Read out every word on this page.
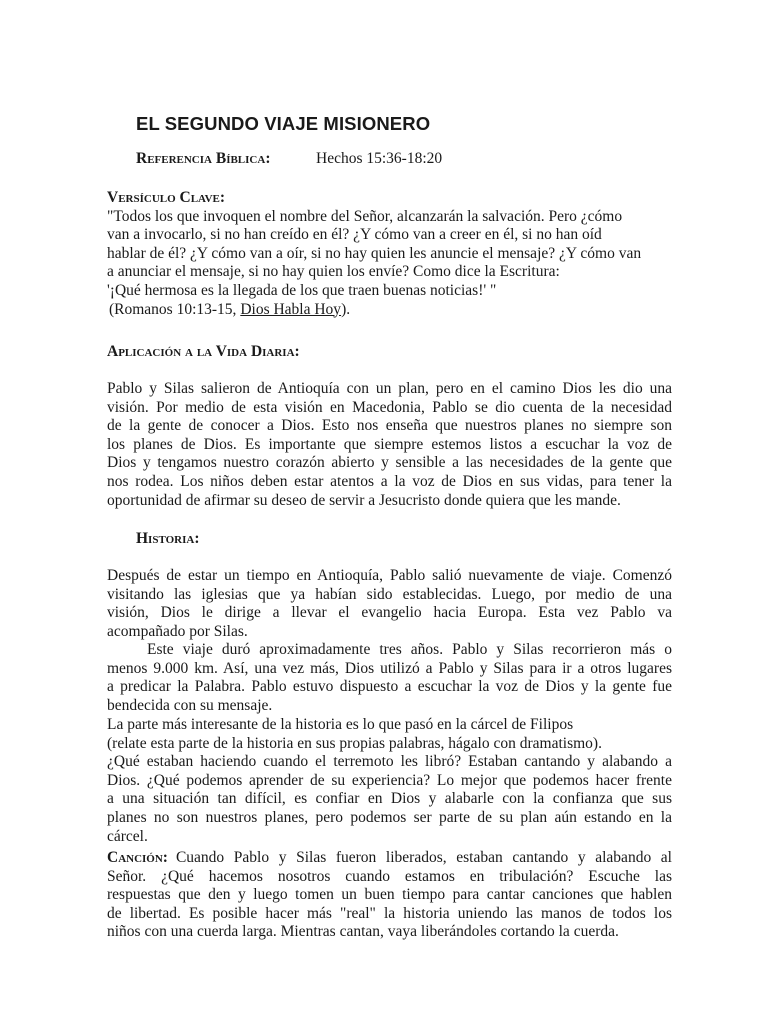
EL SEGUNDO VIAJE MISIONERO
Referencia Bíblica:	Hechos 15:36-18:20
Versículo Clave:
"Todos los que invoquen el nombre del Señor, alcanzarán la salvación. Pero ¿cómo
van a invocarlo, si no han creído en él? ¿Y cómo van a creer en él, si no han oíd
hablar de él? ¿Y cómo van a oír, si no hay quien les anuncie el mensaje? ¿Y cómo van
a anunciar el mensaje, si no hay quien los envíe? Como dice la Escritura:
'¡Qué hermosa es la llegada de los que traen buenas noticias!' "
(Romanos 10:13-15, Dios Habla Hoy).
Aplicación a la Vida Diaria:
Pablo y Silas salieron de Antioquía con un plan, pero en el camino Dios les dio una
visión. Por medio de esta visión en Macedonia, Pablo se dio cuenta de la necesidad
de la gente de conocer a Dios. Esto nos enseña que nuestros planes no siempre son
los planes de Dios. Es importante que siempre estemos listos a escuchar la voz de
Dios y tengamos nuestro corazón abierto y sensible a las necesidades de la gente que
nos rodea. Los niños deben estar atentos a la voz de Dios en sus vidas, para tener la
oportunidad de afirmar su deseo de servir a Jesucristo donde quiera que les mande.
Historia:
Después de estar un tiempo en Antioquía, Pablo salió nuevamente de viaje. Comenzó
visitando las iglesias que ya habían sido establecidas. Luego, por medio de una
visión, Dios le dirige a llevar el evangelio hacia Europa. Esta vez Pablo va
acompañado por Silas.
Este viaje duró aproximadamente tres años. Pablo y Silas recorrieron más o
menos 9.000 km. Así, una vez más, Dios utilizó a Pablo y Silas para ir a otros lugares
a predicar la Palabra. Pablo estuvo dispuesto a escuchar la voz de Dios y la gente fue
bendecida con su mensaje.
La parte más interesante de la historia es lo que pasó en la cárcel de Filipos
(relate esta parte de la historia en sus propias palabras, hágalo con dramatismo).
¿Qué estaban haciendo cuando el terremoto les libró? Estaban cantando y alabando a
Dios. ¿Qué podemos aprender de su experiencia? Lo mejor que podemos hacer frente
a una situación tan difícil, es confiar en Dios y alabarle con la confianza que sus
planes no son nuestros planes, pero podemos ser parte de su plan aún estando en la
cárcel.
Canción: Cuando Pablo y Silas fueron liberados, estaban cantando y alabando al
Señor. ¿Qué hacemos nosotros cuando estamos en tribulación? Escuche las
respuestas que den y luego tomen un buen tiempo para cantar canciones que hablen
de libertad. Es posible hacer más "real" la historia uniendo las manos de todos los
niños con una cuerda larga. Mientras cantan, vaya liberándoles cortando la cuerda.
